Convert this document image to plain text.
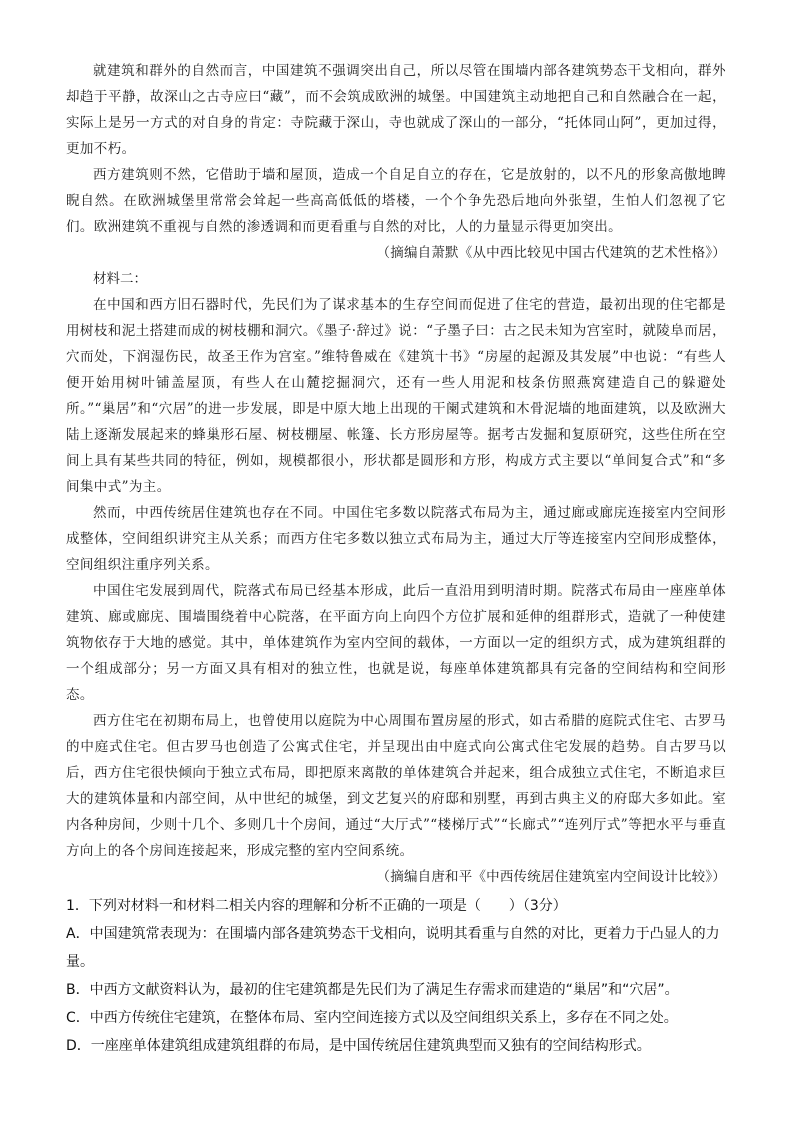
就建筑和群外的自然而言，中国建筑不强调突出自己，所以尽管在围墙内部各建筑势态干戈相向，群外却趋于平静，故深山之古寺应曰“藏”，而不会筑成欧洲的城堡。中国建筑主动地把自己和自然融合在一起，实际上是另一方式的对自身的肯定：寺院藏于深山，寺也就成了深山的一部分，“托体同山阿”，更加过得，更加不朽。

西方建筑则不然，它借助于墙和屋顶，造成一个自足自立的存在，它是放射的，以不凡的形象高傲地睥睨自然。在欧洲城堡里常常会耸起一些高高低低的塔楼，一个个争先恐后地向外张望，生怕人们忽视了它们。欧洲建筑不重视与自然的渗透调和而更看重与自然的对比，人的力量显示得更加突出。

（摘编自萧默《从中西比较见中国古代建筑的艺术性格》）

材料二：

在中国和西方旧石器时代，先民们为了谋求基本的生存空间而促进了住宅的营造，最初出现的住宅都是用树枝和泥土搭建而成的树枝棚和洞穴。《墨子·辞过》说：“子墨子曰：古之民未知为宫室时，就陵阜而居，穴而处，下润湿伤民，故圣王作为宫室。”维特鲁威在《建筑十书》“房屋的起源及其发展”中也说：“有些人便开始用树叶铺盖屋顶，有些人在山麓挖掘洞穴，还有一些人用泥和枝条仿照燕窝建造自己的躲避处所。”“巢居”和“穴居”的进一步发展，即是中原大地上出现的干阑式建筑和木骨泥墙的地面建筑，以及欧洲大陆上逐渐发展起来的蜂巢形石屋、树枝棚屋、帐篷、长方形房屋等。据考古发掘和复原研究，这些住所在空间上具有某些共同的特征，例如，规模都很小，形状都是圆形和方形，构成方式主要以“单间复合式”和“多间集中式”为主。

然而，中西传统居住建筑也存在不同。中国住宅多数以院落式布局为主，通过廊或廊庑连接室内空间形成整体，空间组织讲究主从关系；而西方住宅多数以独立式布局为主，通过大厅等连接室内空间形成整体，空间组织注重序列关系。

中国住宅发展到周代，院落式布局已经基本形成，此后一直沿用到明清时期。院落式布局由一座座单体建筑、廊或廊庑、围墙围绕着中心院落，在平面方向上向四个方位扩展和延伸的组群形式，造就了一种使建筑物依存于大地的感觉。其中，单体建筑作为室内空间的载体，一方面以一定的组织方式，成为建筑组群的一个组成部分；另一方面又具有相对的独立性，也就是说，每座单体建筑都具有完备的空间结构和空间形态。

西方住宅在初期布局上，也曾使用以庭院为中心周围布置房屋的形式，如古希腊的庭院式住宅、古罗马的中庭式住宅。但古罗马也创造了公寓式住宅，并呈现出由中庭式向公寓式住宅发展的趋势。自古罗马以后，西方住宅很快倾向于独立式布局，即把原来离散的单体建筑合并起来，组合成独立式住宅，不断追求巨大的建筑体量和内部空间，从中世纪的城堡，到文艺复兴的府邸和别墅，再到古典主义的府邸大多如此。室内各种房间，少则十几个、多则几十个房间，通过“大厅式”“楼梯厅式”“长廊式”“连列厅式”等把水平与垂直方向上的各个房间连接起来，形成完整的室内空间系统。

（摘编自唐和平《中西传统居住建筑室内空间设计比较》）

1．下列对材料一和材料二相关内容的理解和分析不正确的一项是（　　）（3分）

A．中国建筑常表现为：在围墙内部各建筑势态干戈相向，说明其看重与自然的对比，更着力于凸显人的力量。

B．中西方文献资料认为，最初的住宅建筑都是先民们为了满足生存需求而建造的“巢居”和“穴居”。

C．中西方传统住宅建筑，在整体布局、室内空间连接方式以及空间组织关系上，多存在不同之处。

D．一座座单体建筑组成建筑组群的布局，是中国传统居住建筑典型而又独有的空间结构形式。
